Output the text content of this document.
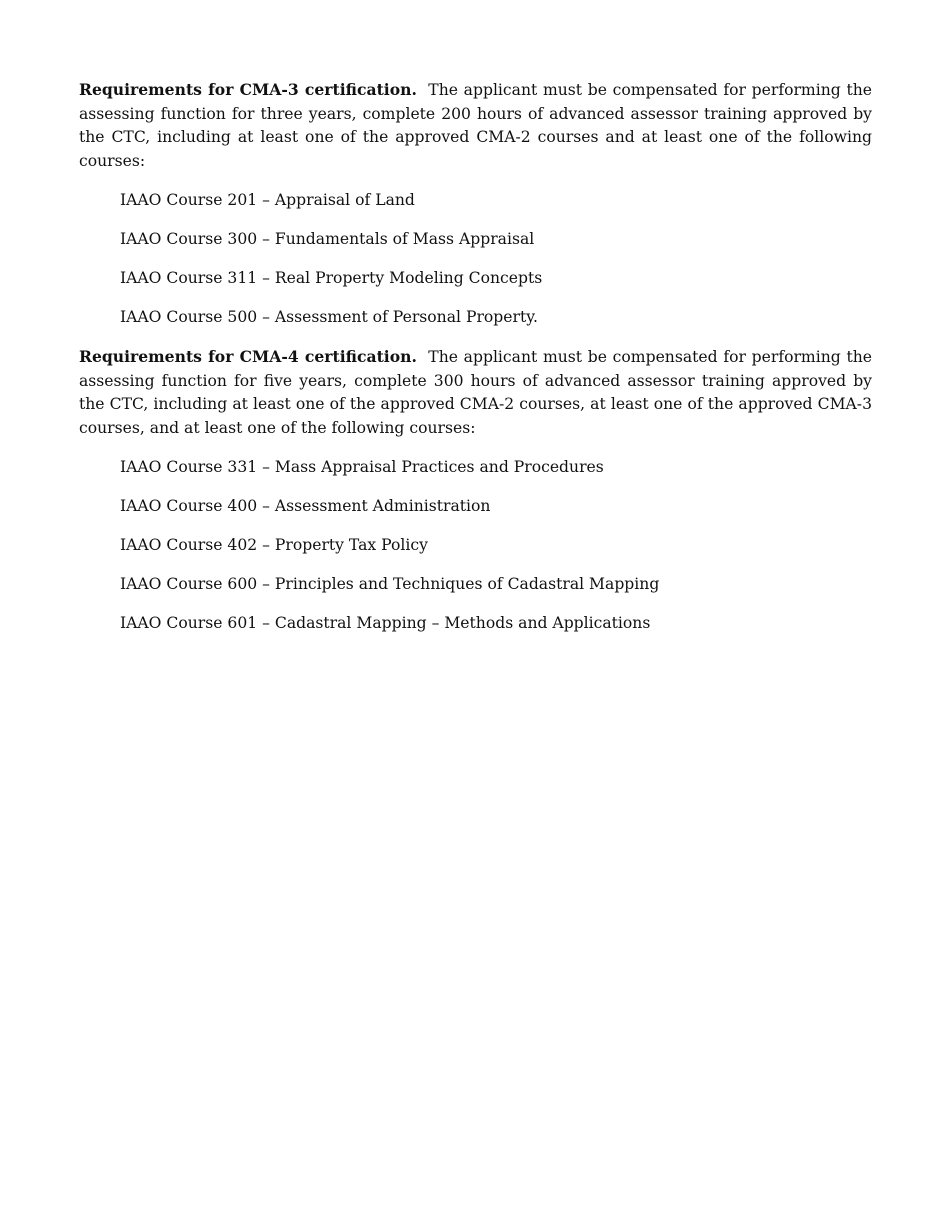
Requirements for CMA-3 certification. The applicant must be compensated for performing the assessing function for three years, complete 200 hours of advanced assessor training approved by the CTC, including at least one of the approved CMA-2 courses and at least one of the following courses:

IAAO Course 201 – Appraisal of Land
IAAO Course 300 – Fundamentals of Mass Appraisal
IAAO Course 311 – Real Property Modeling Concepts
IAAO Course 500 – Assessment of Personal Property.

Requirements for CMA-4 certification. The applicant must be compensated for performing the assessing function for five years, complete 300 hours of advanced assessor training approved by the CTC, including at least one of the approved CMA-2 courses, at least one of the approved CMA-3 courses, and at least one of the following courses:

IAAO Course 331 – Mass Appraisal Practices and Procedures
IAAO Course 400 – Assessment Administration
IAAO Course 402 – Property Tax Policy
IAAO Course 600 – Principles and Techniques of Cadastral Mapping
IAAO Course 601 – Cadastral Mapping – Methods and Applications
